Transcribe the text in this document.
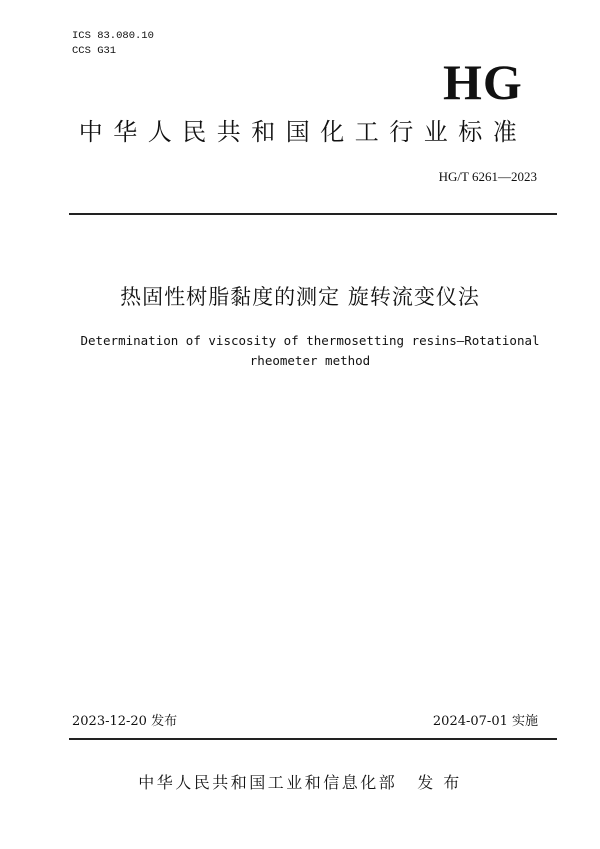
ICS 83.080.10
CCS G31
HG
中华人民共和国化工行业标准
HG/T 6261—2023
热固性树脂黏度的测定 旋转流变仪法
Determination of viscosity of thermosetting resins—Rotational
rheometer method
2023-12-20 发布	2024-07-01 实施
中华人民共和国工业和信息化部 发 布
